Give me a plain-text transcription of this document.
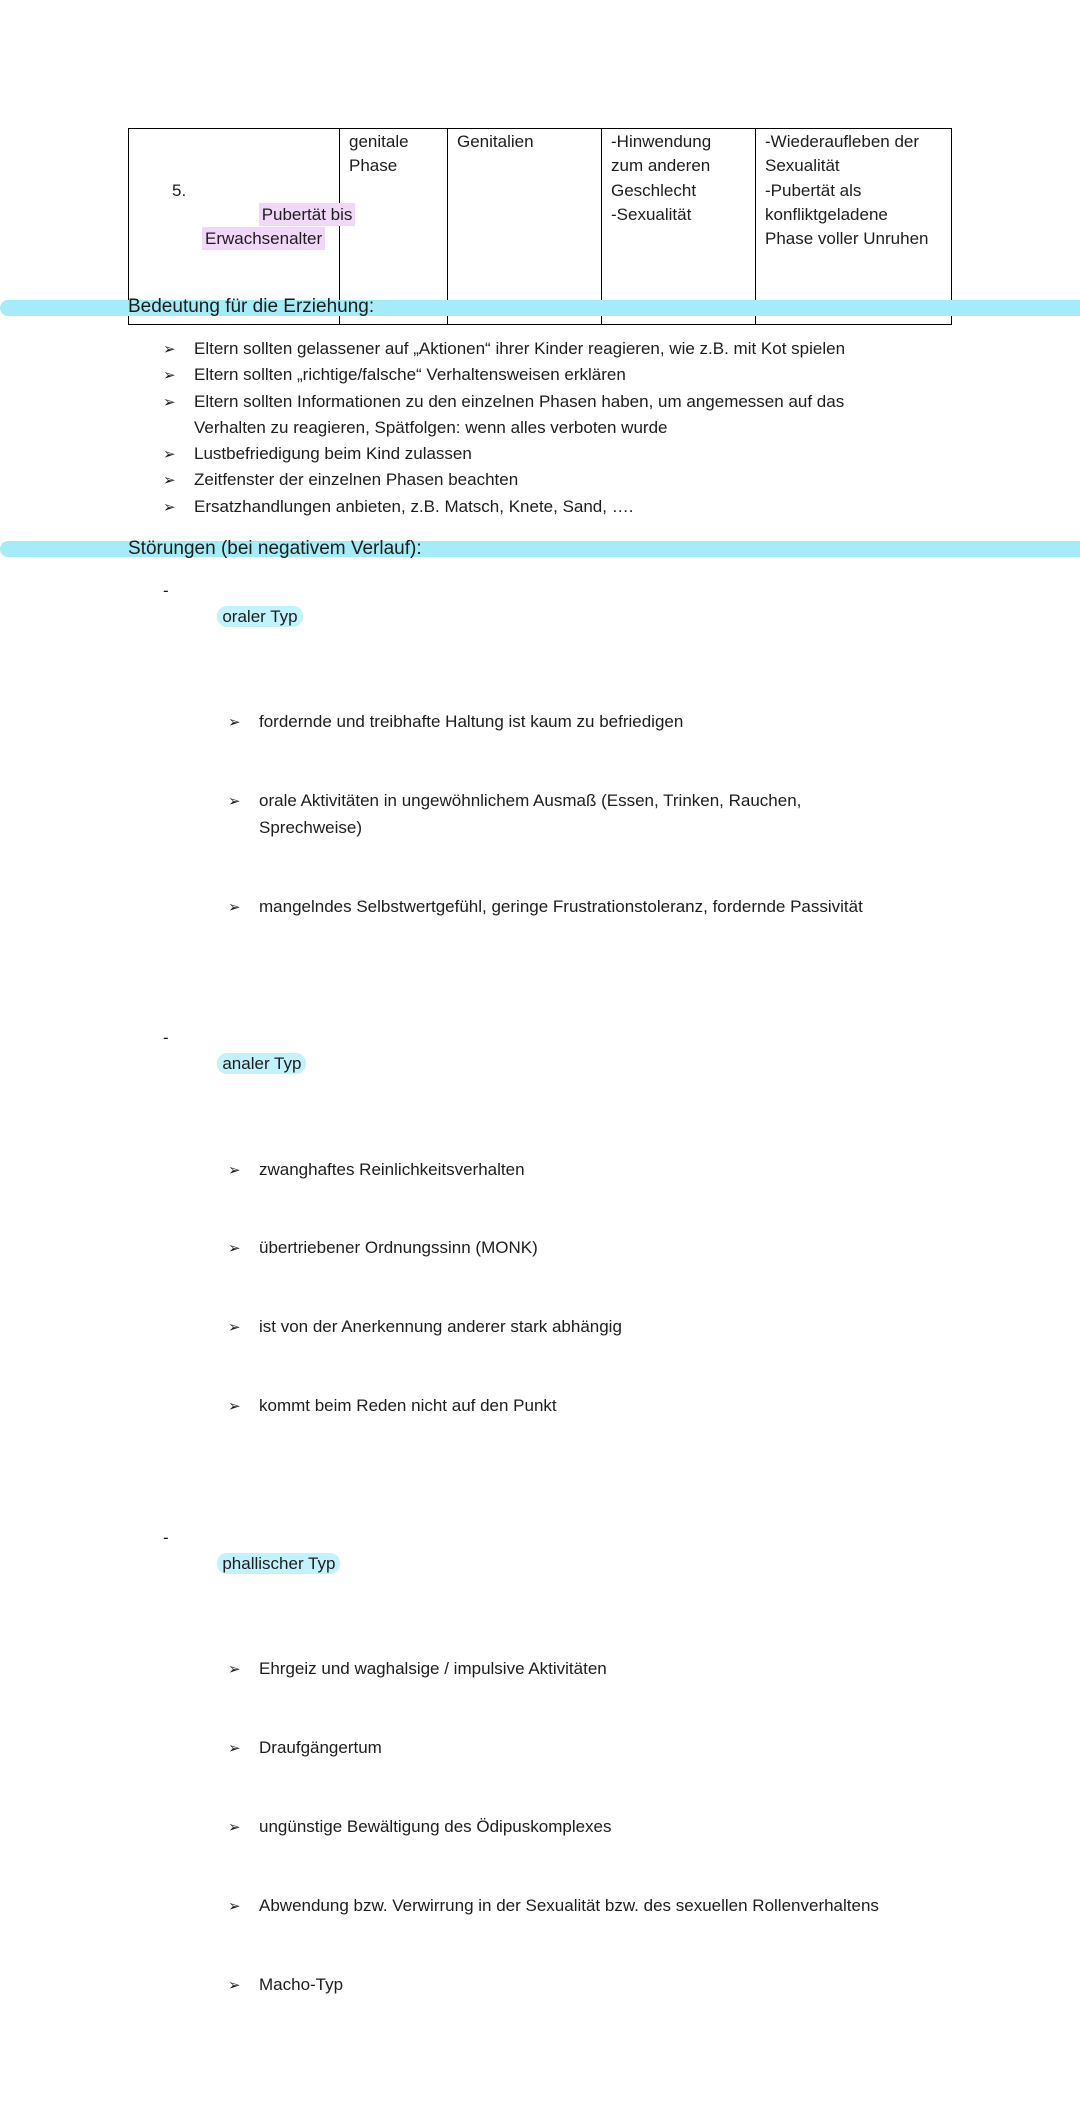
5.

Pubertät bis
Erwachsenalter

	genitale
Phase	Genitalien	-Hinwendung
zum anderen
Geschlecht
-Sexualität	-Wiederaufleben der
Sexualität
-Pubertät als
konfliktgeladene
Phase voller Unruhen
Bedeutung für die Erziehung:
➢ Eltern sollten gelassener auf „Aktionen“ ihrer Kinder reagieren, wie z.B. mit Kot spielen
➢ Eltern sollten „richtige/falsche“ Verhaltensweisen erklären
➢ Eltern sollten Informationen zu den einzelnen Phasen haben, um angemessen auf das
Verhalten zu reagieren, Spätfolgen: wenn alles verboten wurde
➢ Lustbefriedigung beim Kind zulassen
➢ Zeitfenster der einzelnen Phasen beachten
➢ Ersatzhandlungen anbieten, z.B. Matsch, Knete, Sand, ….
Störungen (bei negativem Verlauf):

-
oraler Typ

➢ fordernde und treibhafte Haltung ist kaum zu befriedigen

➢ orale Aktivitäten in ungewöhnlichem Ausmaß (Essen, Trinken, Rauchen,
Sprechweise)

➢ mangelndes Selbstwertgefühl, geringe Frustrationstoleranz, fordernde Passivität

-
analer Typ

➢ zwanghaftes Reinlichkeitsverhalten

➢ übertriebener Ordnungssinn (MONK)

➢ ist von der Anerkennung anderer stark abhängig

➢ kommt beim Reden nicht auf den Punkt

-
phallischer Typ

➢ Ehrgeiz und waghalsige / impulsive Aktivitäten

➢ Draufgängertum

➢ ungünstige Bewältigung des Ödipuskomplexes

➢ Abwendung bzw. Verwirrung in der Sexualität bzw. des sexuellen Rollenverhaltens

➢ Macho-Typ
